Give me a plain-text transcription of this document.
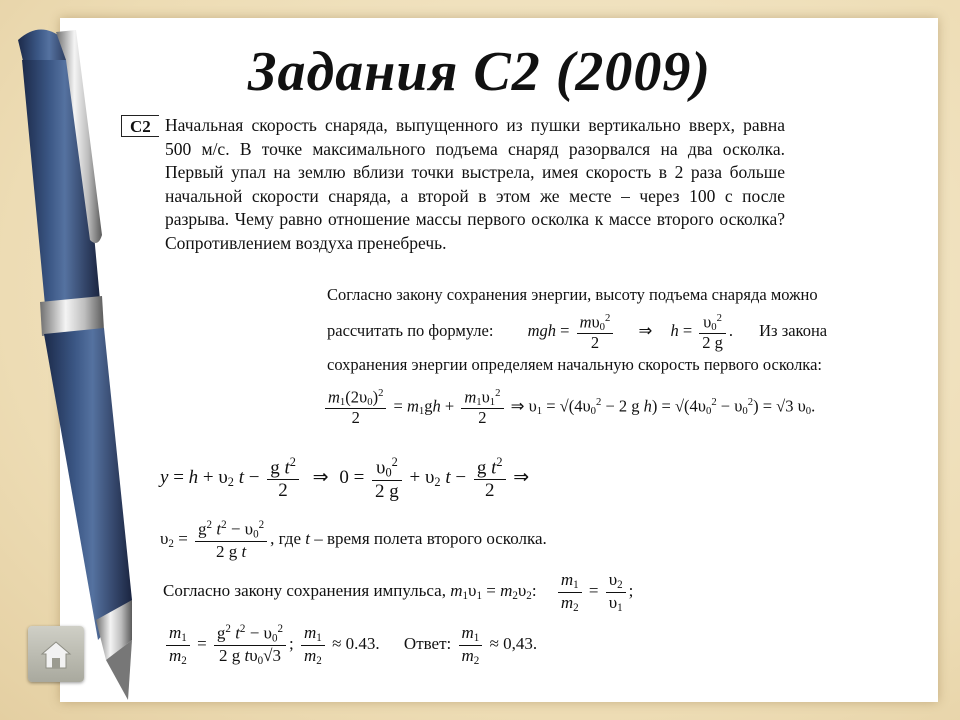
Задания С2 (2009)
С2 Начальная скорость снаряда, выпущенного из пушки вертикально вверх, равна 500 м/с. В точке максимального подъема снаряд разорвался на два осколка. Первый упал на землю вблизи точки выстрела, имея скорость в 2 раза больше начальной скорости снаряда, а второй в этом же месте – через 100 с после разрыва. Чему равно отношение массы первого осколка к массе второго осколка? Сопротивлением воздуха пренебречь.
Согласно закону сохранения энергии, высоту подъема снаряда можно
рассчитать по формуле: mgh = $\frac{m\upsilon_0^2}{2}$ ⇒ $h = \frac{\upsilon_0^2}{2 g}$ . Из закона
сохранения энергии определяем начальную скорость первого осколка:
$\frac{m_1(2\upsilon_0)^2}{2} = m_1gh + \frac{m_1\upsilon_1^2}{2}$ ⇒ $\upsilon_1 = √(4\upsilon_0^2 - 2$ g $h) = √(4\upsilon_0^2 - \upsilon_0^2) = √3$ $\upsilon_0$.
$y = h + \upsilon_2$ $t - \frac{g t^2}{2}$ ⇒ $0 = \frac{\upsilon_0^2}{2 g} + \upsilon_2$ $t - \frac{g t^2}{2}$ ⇒
$\upsilon_2 = \frac{g^2 t^2 - \upsilon_0^2}{\text{2 g t}}$ , где t – время полета второго осколка.
Согласно закону сохранения импульса, $m_1\upsilon_1 = m_2\upsilon_2$: $\frac{m_1}{m_2} = \frac{\upsilon_2}{\upsilon_1}$ ;
$\frac{m_1}{m_2} = \frac{g^2 t^2 - \upsilon_0^2}{2 g t\upsilon_0√3}$ ; $\frac{m_1}{m_2} \approx 0.43$. Ответ: $\frac{m_1}{m_2} \approx 0,43$.
